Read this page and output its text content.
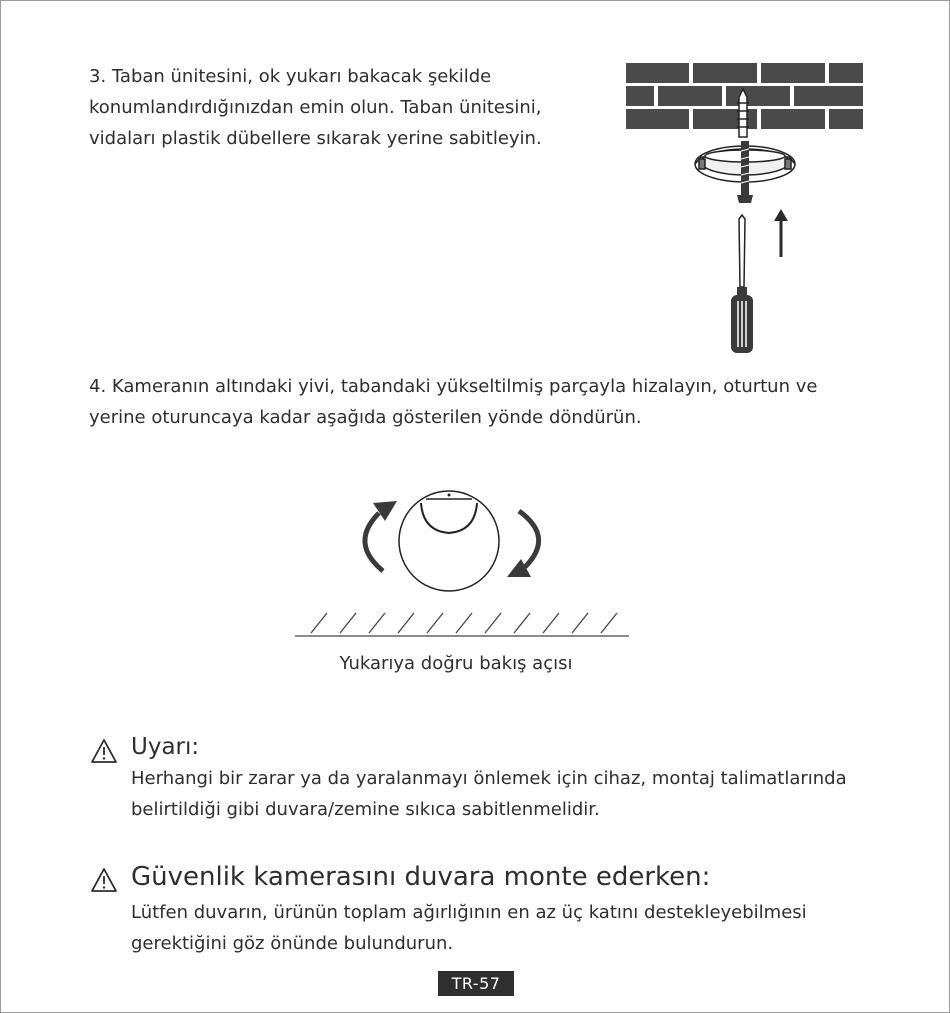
3. Taban ünitesini, ok yukarı bakacak şekilde konumlandırdığınızdan emin olun. Taban ünitesini, vidaları plastik dübellere sıkarak yerine sabitleyin.
4. Kameranın altındaki yivi, tabandaki yükseltilmiş parçayla hizalayın, oturtun ve yerine oturuncaya kadar aşağıda gösterilen yönde döndürün.
Yukarıya doğru bakış açısı
Uyarı:
Herhangi bir zarar ya da yaralanmayı önlemek için cihaz, montaj talimatlarında belirtildiği gibi duvara/zemine sıkıca sabitlenmelidir.
Güvenlik kamerasını duvara monte ederken:
Lütfen duvarın, ürünün toplam ağırlığının en az üç katını destekleyebilmesi gerektiğini göz önünde bulundurun.
TR-57
